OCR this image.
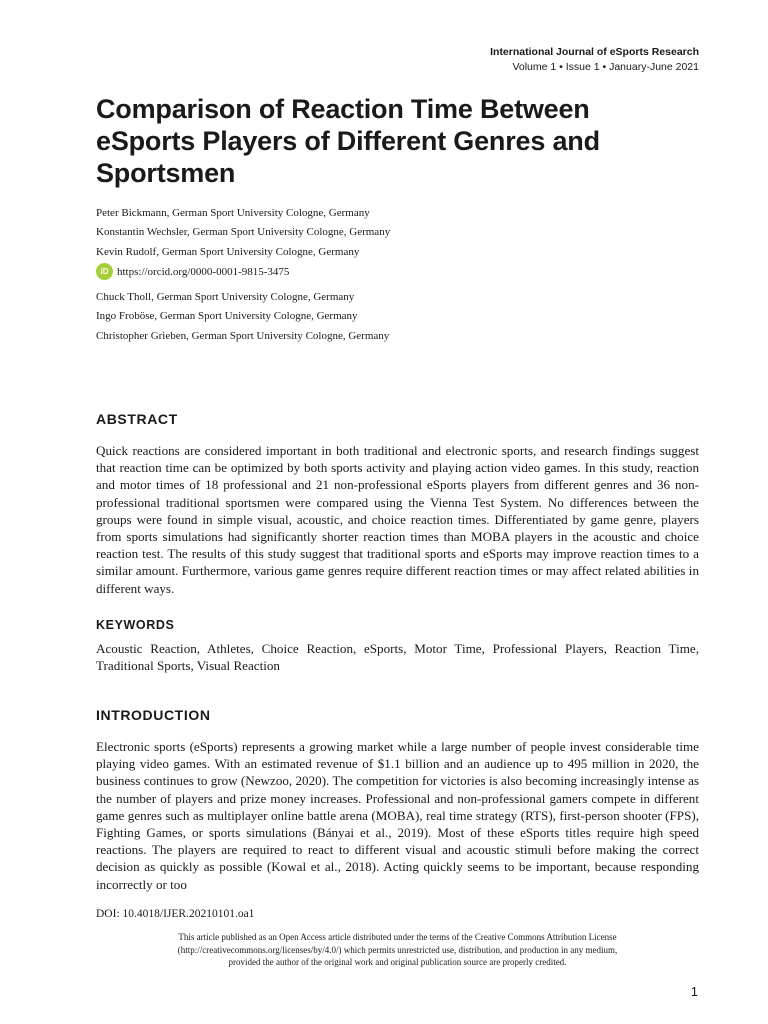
International Journal of eSports Research
Volume 1 • Issue 1 • January-June 2021
Comparison of Reaction Time Between eSports Players of Different Genres and Sportsmen
Peter Bickmann, German Sport University Cologne, Germany
Konstantin Wechsler, German Sport University Cologne, Germany
Kevin Rudolf, German Sport University Cologne, Germany
iD https://orcid.org/0000-0001-9815-3475
Chuck Tholl, German Sport University Cologne, Germany
Ingo Froböse, German Sport University Cologne, Germany
Christopher Grieben, German Sport University Cologne, Germany
ABSTRACT

Quick reactions are considered important in both traditional and electronic sports, and research findings suggest that reaction time can be optimized by both sports activity and playing action video games. In this study, reaction and motor times of 18 professional and 21 non-professional eSports players from different genres and 36 non-professional traditional sportsmen were compared using the Vienna Test System. No differences between the groups were found in simple visual, acoustic, and choice reaction times. Differentiated by game genre, players from sports simulations had significantly shorter reaction times than MOBA players in the acoustic and choice reaction test. The results of this study suggest that traditional sports and eSports may improve reaction times to a similar amount. Furthermore, various game genres require different reaction times or may affect related abilities in different ways.

KEYWORDS

Acoustic Reaction, Athletes, Choice Reaction, eSports, Motor Time, Professional Players, Reaction Time, Traditional Sports, Visual Reaction

INTRODUCTION

Electronic sports (eSports) represents a growing market while a large number of people invest considerable time playing video games. With an estimated revenue of $1.1 billion and an audience up to 495 million in 2020, the business continues to grow (Newzoo, 2020). The competition for victories is also becoming increasingly intense as the number of players and prize money increases. Professional and non-professional gamers compete in different game genres such as multiplayer online battle arena (MOBA), real time strategy (RTS), first-person shooter (FPS), Fighting Games, or sports simulations (Bányai et al., 2019). Most of these eSports titles require high speed reactions. The players are required to react to different visual and acoustic stimuli before making the correct decision as quickly as possible (Kowal et al., 2018). Acting quickly seems to be important, because responding incorrectly or too

DOI: 10.4018/IJER.20210101.oa1
This article published as an Open Access article distributed under the terms of the Creative Commons Attribution License
(http://creativecommons.org/licenses/by/4.0/) which permits unrestricted use, distribution, and production in any medium,
provided the author of the original work and original publication source are properly credited.
1
